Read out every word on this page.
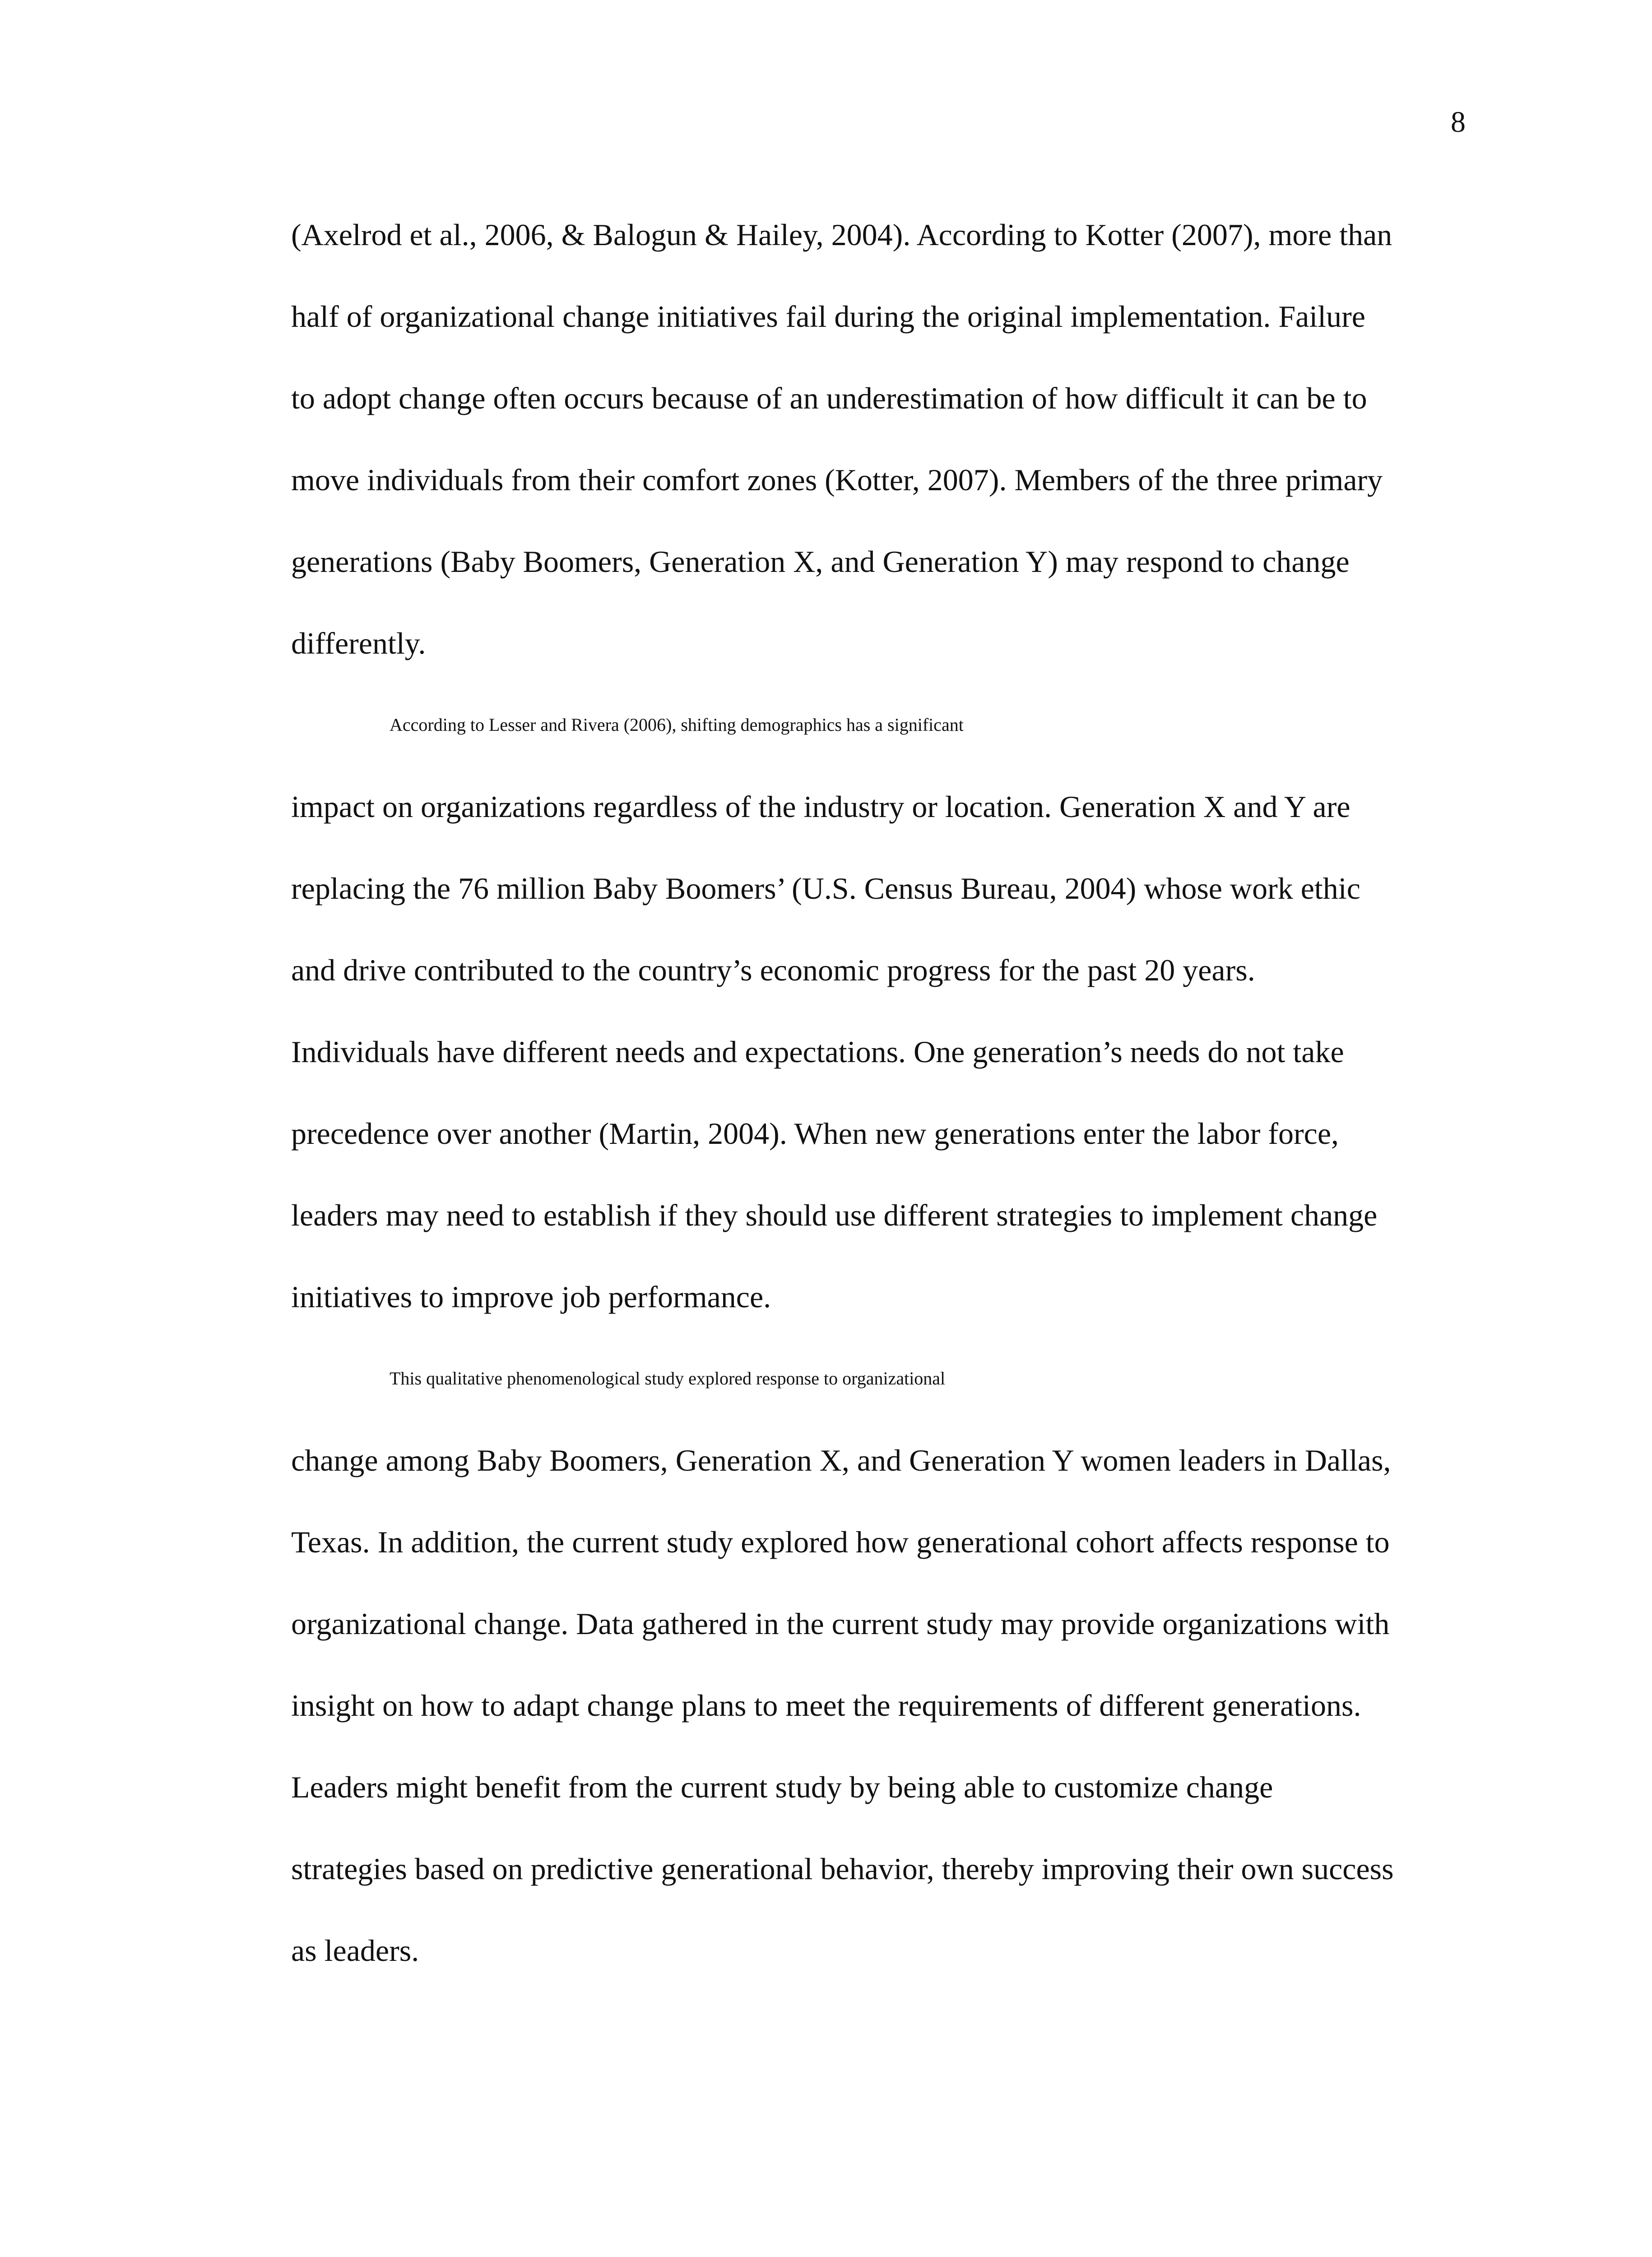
8
(Axelrod et al., 2006, & Balogun & Hailey, 2004). According to Kotter (2007), more than
half of organizational change initiatives fail during the original implementation. Failure
to adopt change often occurs because of an underestimation of how difficult it can be to
move individuals from their comfort zones (Kotter, 2007). Members of the three primary
generations (Baby Boomers, Generation X, and Generation Y) may respond to change
differently.
According to Lesser and Rivera (2006), shifting demographics has a significant
impact on organizations regardless of the industry or location. Generation X and Y are
replacing the 76 million Baby Boomers’ (U.S. Census Bureau, 2004) whose work ethic
and drive contributed to the country’s economic progress for the past 20 years.
Individuals have different needs and expectations. One generation’s needs do not take
precedence over another (Martin, 2004). When new generations enter the labor force,
leaders may need to establish if they should use different strategies to implement change
initiatives to improve job performance.
This qualitative phenomenological study explored response to organizational
change among Baby Boomers, Generation X, and Generation Y women leaders in Dallas,
Texas. In addition, the current study explored how generational cohort affects response to
organizational change. Data gathered in the current study may provide organizations with
insight on how to adapt change plans to meet the requirements of different generations.
Leaders might benefit from the current study by being able to customize change
strategies based on predictive generational behavior, thereby improving their own success
as leaders.
